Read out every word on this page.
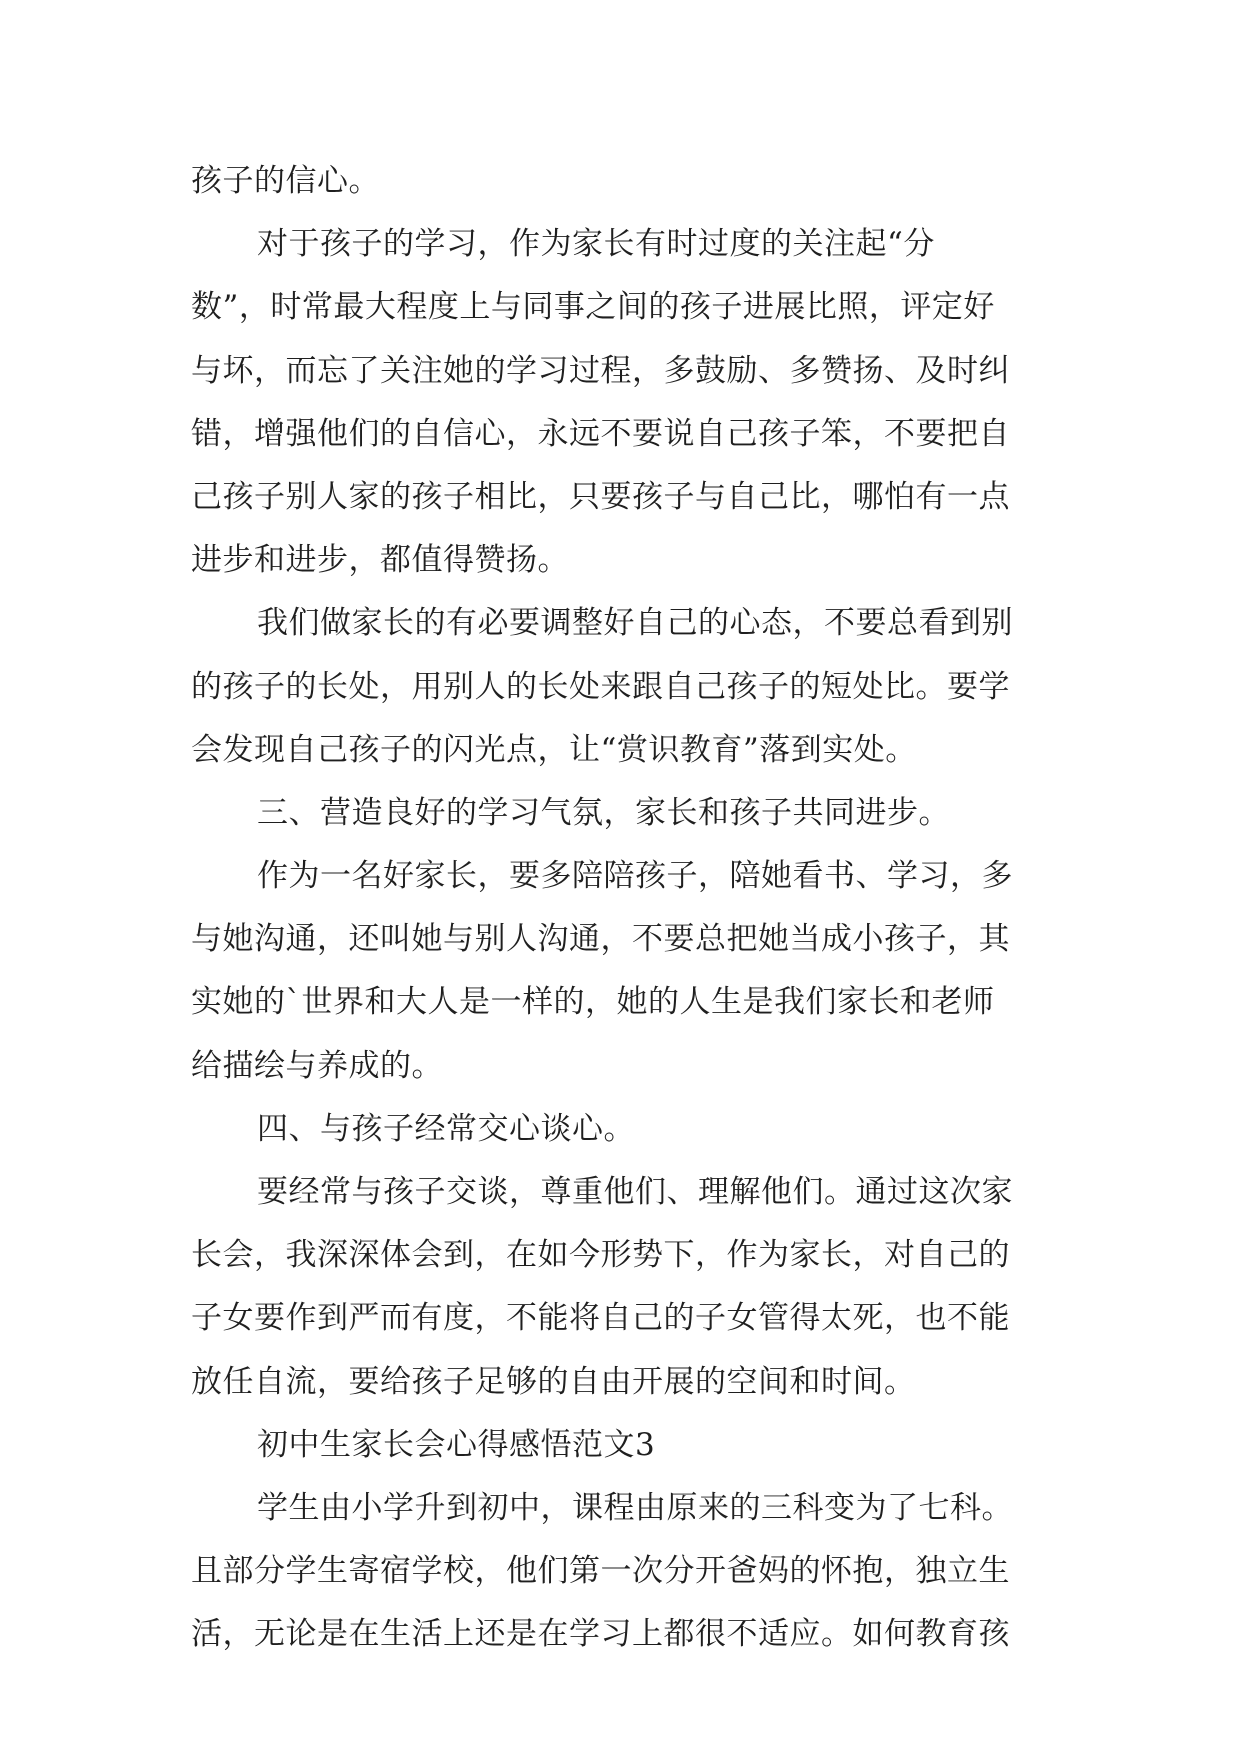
孩子的信心。
对于孩子的学习，作为家长有时过度的关注起“分
数”，时常最大程度上与同事之间的孩子进展比照，评定好
与坏，而忘了关注她的学习过程，多鼓励、多赞扬、及时纠
错，增强他们的自信心，永远不要说自己孩子笨，不要把自
己孩子别人家的孩子相比，只要孩子与自己比，哪怕有一点
进步和进步，都值得赞扬。
我们做家长的有必要调整好自己的心态，不要总看到别
的孩子的长处，用别人的长处来跟自己孩子的短处比。要学
会发现自己孩子的闪光点，让“赏识教育”落到实处。
三、营造良好的学习气氛，家长和孩子共同进步。
作为一名好家长，要多陪陪孩子，陪她看书、学习，多
与她沟通，还叫她与别人沟通，不要总把她当成小孩子，其
实她的`世界和大人是一样的，她的人生是我们家长和老师
给描绘与养成的。
四、与孩子经常交心谈心。
要经常与孩子交谈，尊重他们、理解他们。通过这次家
长会，我深深体会到，在如今形势下，作为家长，对自己的
子女要作到严而有度，不能将自己的子女管得太死，也不能
放任自流，要给孩子足够的自由开展的空间和时间。
初中生家长会心得感悟范文3
学生由小学升到初中，课程由原来的三科变为了七科。
且部分学生寄宿学校，他们第一次分开爸妈的怀抱，独立生
活，无论是在生活上还是在学习上都很不适应。如何教育孩
